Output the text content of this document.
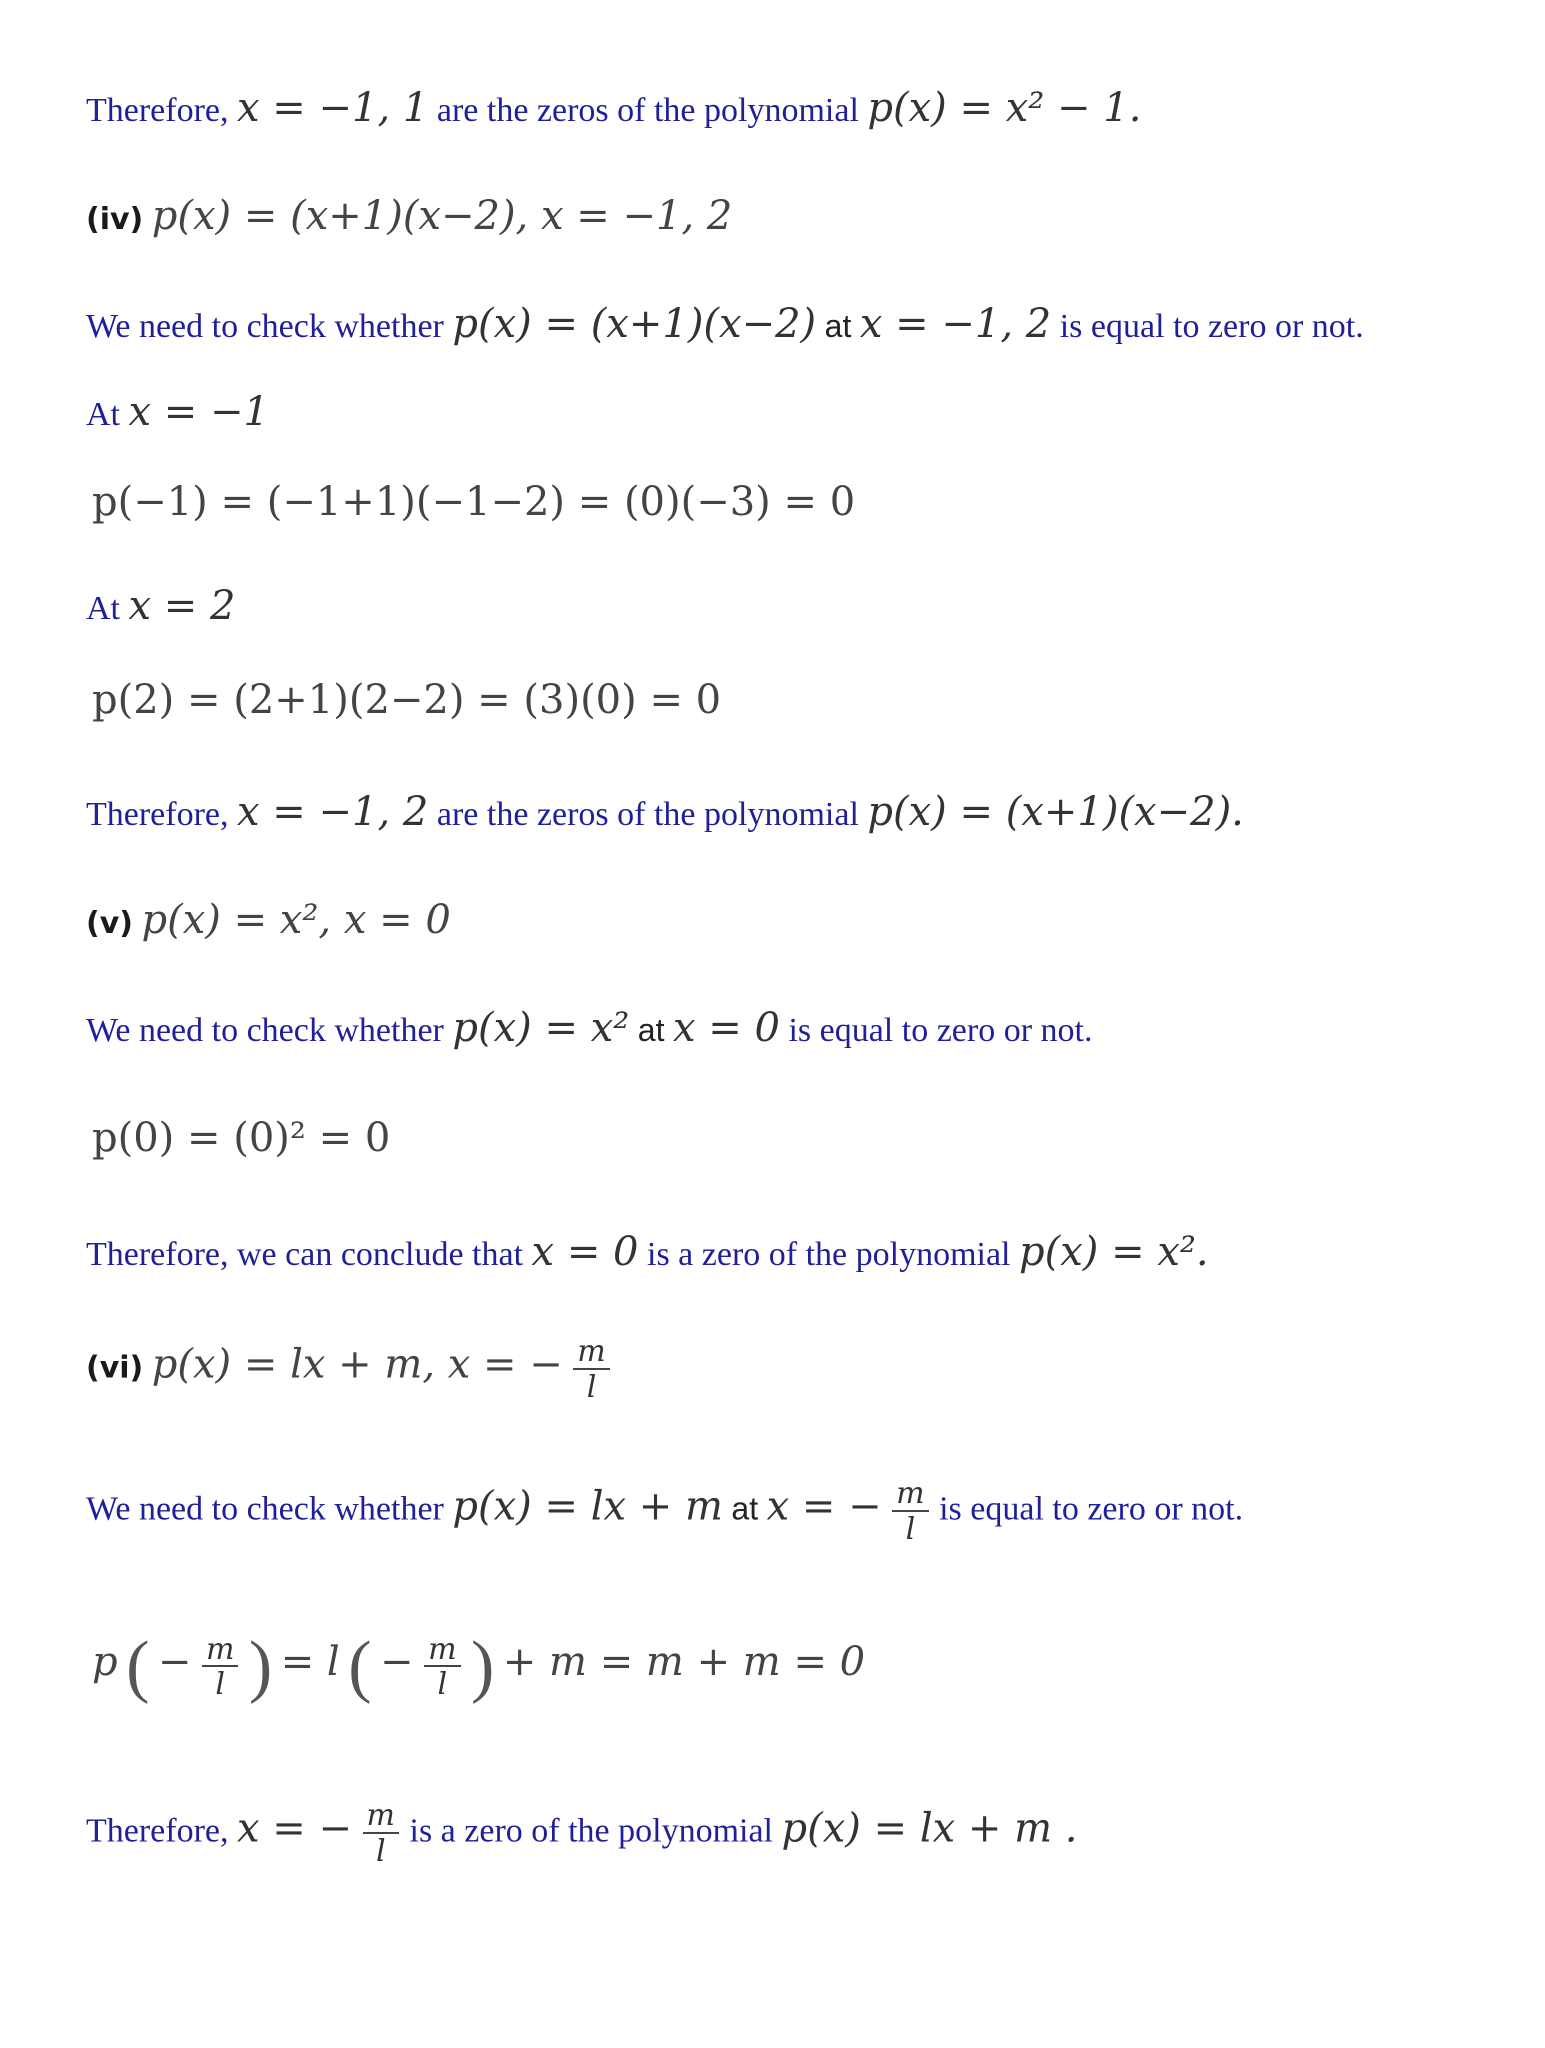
Therefore, x = −1, 1 are the zeros of the polynomial p(x) = x² − 1.
(iv) p(x) = (x+1)(x−2), x = −1, 2
We need to check whether p(x) = (x+1)(x−2) at x = −1, 2 is equal to zero or not.
At x = −1
p(−1) = (−1+1)(−1−2) = (0)(−3) = 0
At x = 2
p(2) = (2+1)(2−2) = (3)(0) = 0
Therefore, x = −1, 2 are the zeros of the polynomial p(x) = (x+1)(x−2).
(v) p(x) = x², x = 0
We need to check whether p(x) = x² at x = 0 is equal to zero or not.
p(0) = (0)² = 0
Therefore, we can conclude that x = 0 is a zero of the polynomial p(x) = x².
(vi) p(x) = lx + m, x = − $\frac{m}{l}$
We need to check whether p(x) = lx + m at x = − $\frac{m}{l}$ is equal to zero or not.
p ( − $\frac{m}{l}$ ) = l ( − $\frac{m}{l}$ ) + m = m + m = 0
Therefore, x = − $\frac{m}{l}$ is a zero of the polynomial p(x) = lx + m .
